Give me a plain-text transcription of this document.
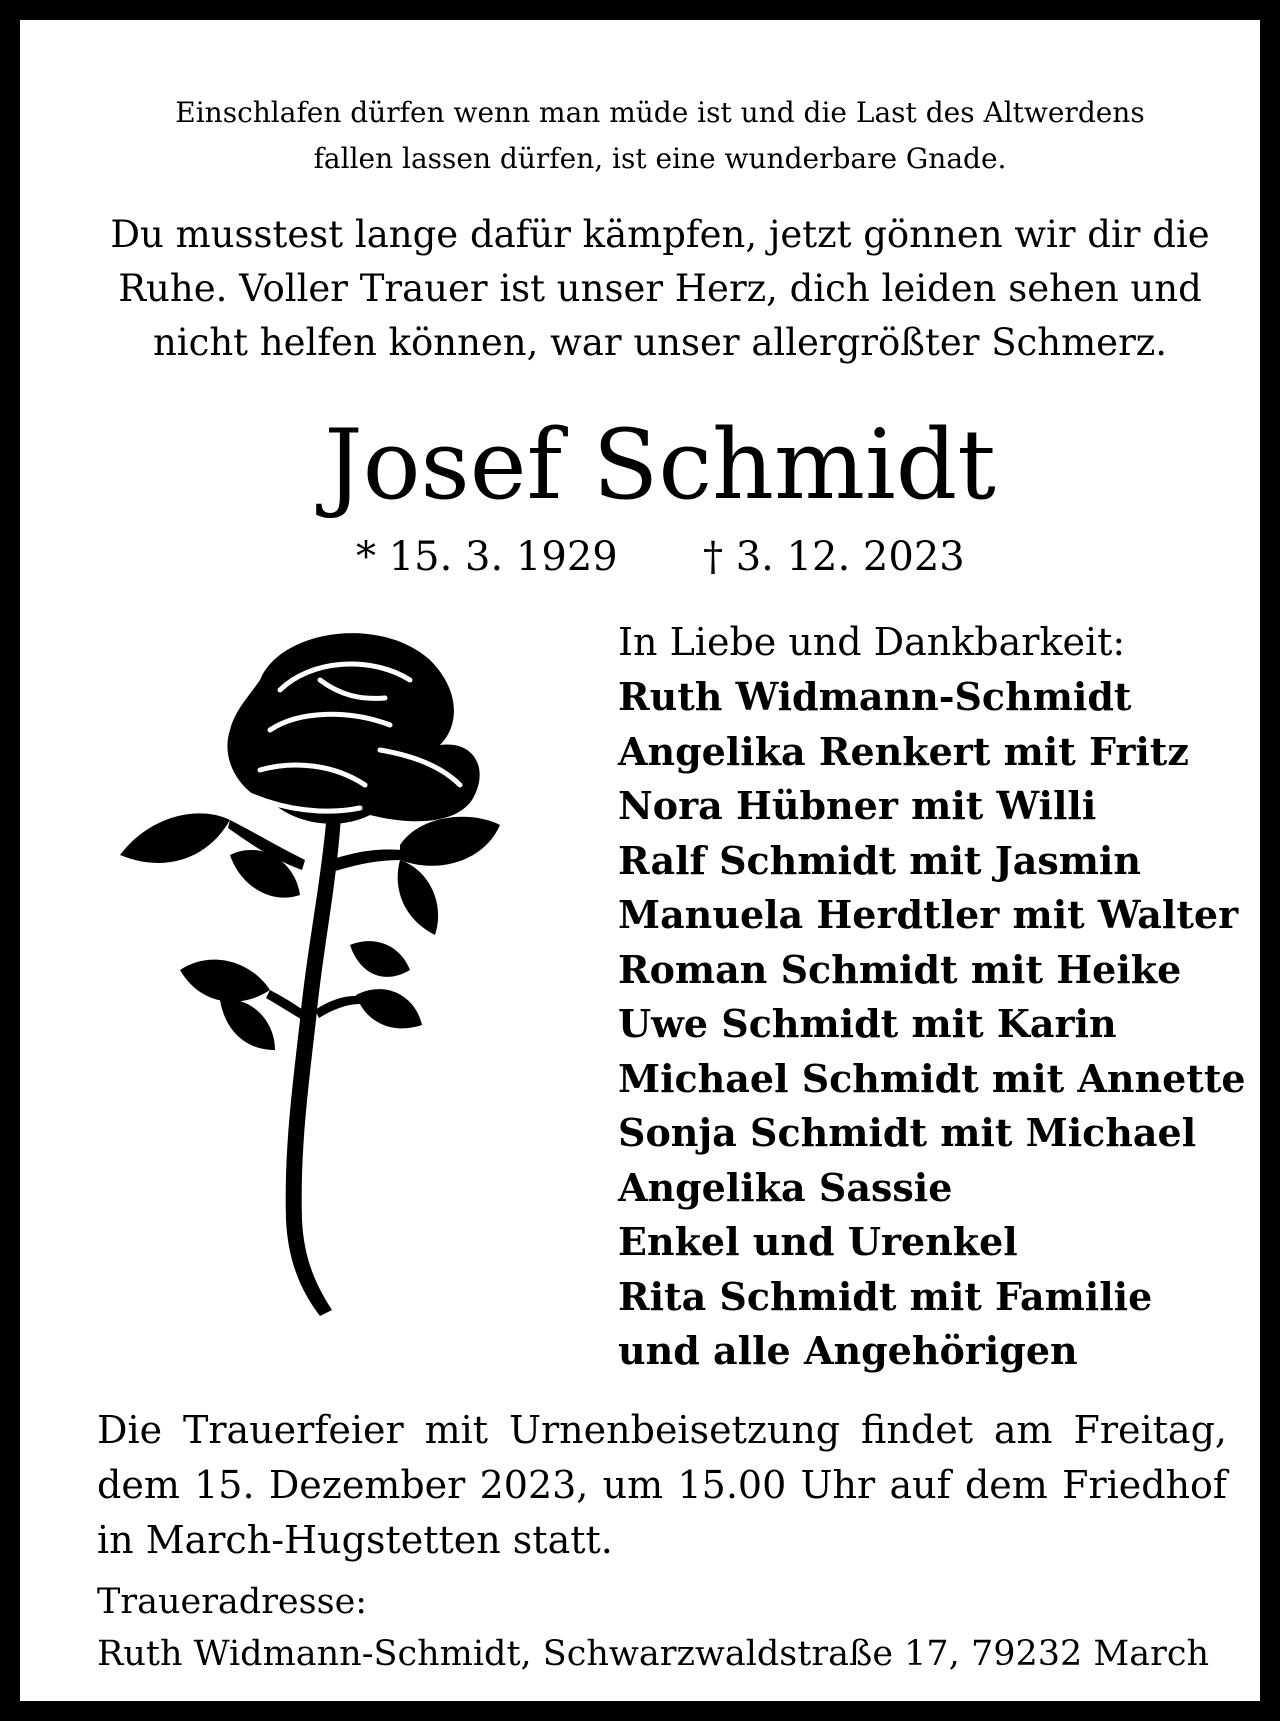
Einschlafen dürfen wenn man müde ist und die Last des Altwerdens
fallen lassen dürfen, ist eine wunderbare Gnade.
Du musstest lange dafür kämpfen, jetzt gönnen wir dir die
Ruhe. Voller Trauer ist unser Herz, dich leiden sehen und
nicht helfen können, war unser allergrößter Schmerz.
Josef Schmidt
* 15. 3. 1929 † 3. 12. 2023
In Liebe und Dankbarkeit:
Ruth Widmann-Schmidt
Angelika Renkert mit Fritz
Nora Hübner mit Willi
Ralf Schmidt mit Jasmin
Manuela Herdtler mit Walter
Roman Schmidt mit Heike
Uwe Schmidt mit Karin
Michael Schmidt mit Annette
Sonja Schmidt mit Michael
Angelika Sassie
Enkel und Urenkel
Rita Schmidt mit Familie
und alle Angehörigen
Die Trauerfeier mit Urnenbeisetzung findet am Freitag, dem 15. Dezember 2023, um 15.00 Uhr auf dem Friedhof in March-Hugstetten statt.
Traueradresse:
Ruth Widmann-Schmidt, Schwarzwaldstraße 17, 79232 March
